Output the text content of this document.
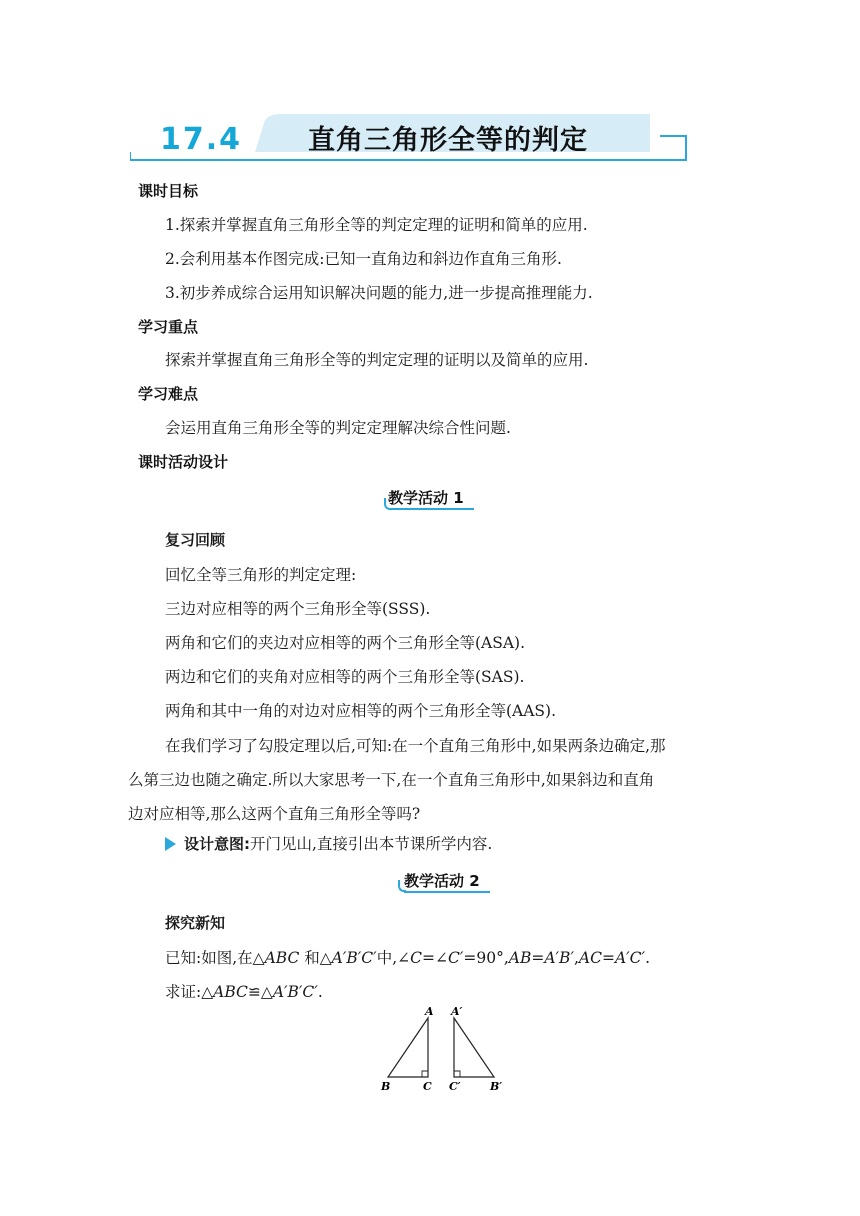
17.4 直角三角形全等的判定
课时目标
1.探索并掌握直角三角形全等的判定定理的证明和简单的应用.
2.会利用基本作图完成:已知一直角边和斜边作直角三角形.
3.初步养成综合运用知识解决问题的能力,进一步提高推理能力.
学习重点
探索并掌握直角三角形全等的判定定理的证明以及简单的应用.
学习难点
会运用直角三角形全等的判定定理解决综合性问题.
课时活动设计
教学活动 1
复习回顾
回忆全等三角形的判定定理:
三边对应相等的两个三角形全等(SSS).
两角和它们的夹边对应相等的两个三角形全等(ASA).
两边和它们的夹角对应相等的两个三角形全等(SAS).
两角和其中一角的对边对应相等的两个三角形全等(AAS).
在我们学习了勾股定理以后,可知:在一个直角三角形中,如果两条边确定,那
么第三边也随之确定.所以大家思考一下,在一个直角三角形中,如果斜边和直角
边对应相等,那么这两个直角三角形全等吗?
设计意图:开门见山,直接引出本节课所学内容.
教学活动 2
探究新知
已知:如图,在△ABC 和△A′B′C′中,∠C=∠C′=90°,AB=A′B′,AC=A′C′.
求证:△ABC≌△A′B′C′.
A
B	C
A′
B′
C′
